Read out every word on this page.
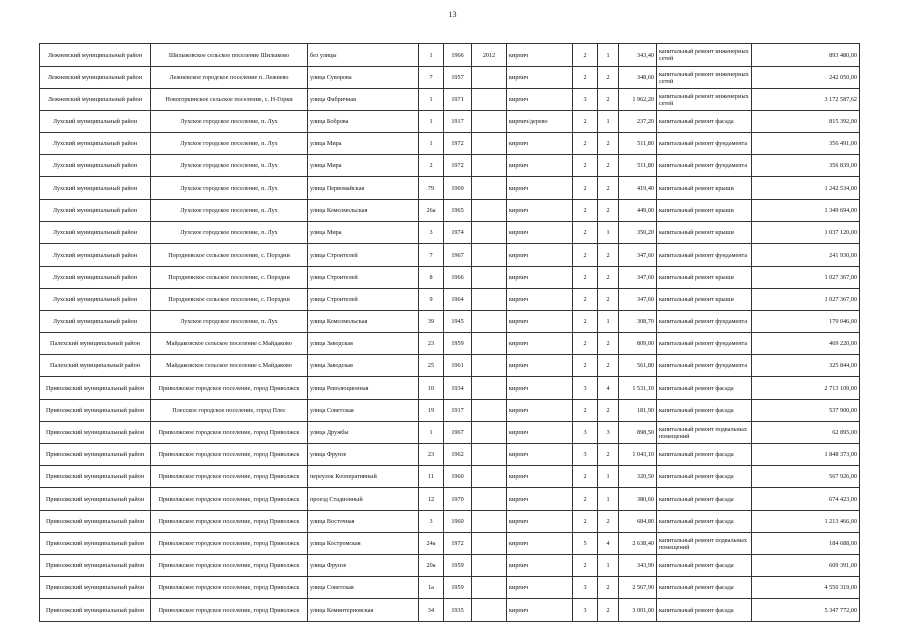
13
Лежневский муниципальный район	Шилыковское сельское поселение Шилыково	без улицы	1	1966	2012	кирпич	2	1	343,40	капитальный ремонт инженерных сетей	893 480,00
Лежневский муниципальный район	Лежневское городское поселение п. Лежнево	улица Суворова	7	1957		кирпич	2	2	348,60	капитальный ремонт инженерных сетей	242 050,00
Лежневский муниципальный район	Новогоркинское сельское поселение, с. Н-Горки	улица Фабричная	1	1971		кирпич	3	2	1 962,20	капитальный ремонт инженерных сетей	3 172 587,62
Лухский муниципальный район	Лухское городское поселение, п. Лух	улица Боброва	1	1917		кирпич/дерево	2	1	237,20	капитальный ремонт фасада	815 392,00
Лухский муниципальный район	Лухское городское поселение, п. Лух	улица Мира	1	1972		кирпич	2	2	511,80	капитальный ремонт фундамента	356 491,00
Лухский муниципальный район	Лухское городское поселение, п. Лух	улица Мира	2	1972		кирпич	2	2	511,80	капитальный ремонт фундамента	356 839,00
Лухский муниципальный район	Лухское городское поселение, п. Лух	улица Первомайская	79	1969		кирпич	2	2	419,40	капитальный ремонт крыши	1 242 534,00
Лухский муниципальный район	Лухское городское поселение, п. Лух	улица Комсомольская	26а	1965		кирпич	2	2	449,00	капитальный ремонт крыши	1 349 694,00
Лухский муниципальный район	Лухское городское поселение, п. Лух	улица Мира	3	1974		кирпич	2	1	350,20	капитальный ремонт крыши	1 037 120,00
Лухский муниципальный район	Порздневское сельское поселение, с. Порздни	улица Строителей	7	1967		кирпич	2	2	347,60	капитальный ремонт фундамента	241 930,00
Лухский муниципальный район	Порздневское сельское поселение, с. Порздни	улица Строителей	8	1966		кирпич	2	2	347,60	капитальный ремонт крыши	1 027 367,00
Лухский муниципальный район	Порздневское сельское поселение, с. Порздни	улица Строителей	9	1964		кирпич	2	2	347,60	капитальный ремонт крыши	1 027 367,00
Лухский муниципальный район	Лухское городское поселение, п. Лух	улица Комсомольская	39	1945		кирпич	2	1	308,70	капитальный ремонт фундамента	179 046,00
Палехский муниципальный район	Майдаковское сельское поселение с.Майдаково	улица Заводская	23	1959		кирпич	2	2	809,00	капитальный ремонт фундамента	469 220,00
Палехский муниципальный район	Майдаковское сельское поселение с.Майдаково	улица Заводская	25	1961		кирпич	2	2	561,80	капитальный ремонт фундамента	325 844,00
Приволжский муниципальный район	Приволжское городское поселение, город Приволжск	улица Революционная	10	1934		кирпич	3	4	1 531,10	капитальный ремонт фасада	2 713 109,00
Приволжский муниципальный район	Плесское городское поселение, город Плес	улица Советская	19	1917		кирпич	2	2	181,90	капитальный ремонт фасада	537 900,00
Приволжский муниципальный район	Приволжское городское поселение, город Приволжск	улица Дружбы	1	1967		кирпич	3	3	898,50	капитальный ремонт подвальных помещений	62 895,00
Приволжский муниципальный район	Приволжское городское поселение, город Приволжск	улица Фрунзе	23	1962		кирпич	3	2	1 043,10	капитальный ремонт фасада	1 848 373,00
Приволжский муниципальный район	Приволжское городское поселение, город Приволжск	переулок Кооперативный	11	1960		кирпич	2	1	320,50	капитальный ремонт фасада	567 926,00
Приволжский муниципальный район	Приволжское городское поселение, город Приволжск	проезд Стадионный	12	1970		кирпич	2	1	380,60	капитальный ремонт фасада	674 423,00
Приволжский муниципальный район	Приволжское городское поселение, город Приволжск	улица Восточная	3	1960		кирпич	2	2	684,80	капитальный ремонт фасада	1 213 466,00
Приволжский муниципальный район	Приволжское городское поселение, город Приволжск	улица Костромская	24а	1972		кирпич	5	4	2 638,40	капитальный ремонт подвальных помещений	184 688,00
Приволжский муниципальный район	Приволжское городское поселение, город Приволжск	улица Фрунзе	20а	1959		кирпич	2	1	343,90	капитальный ремонт фасада	609 391,00
Приволжский муниципальный район	Приволжское городское поселение, город Приволжск	улица Советская	1а	1959		кирпич	3	2	2 567,90	капитальный ремонт фасада	4 550 319,00
Приволжский муниципальный район	Приволжское городское поселение, город Приволжск	улица Коминтерновская	34	1935		кирпич	3	2	3 001,00	капитальный ремонт фасада	5 347 772,00
